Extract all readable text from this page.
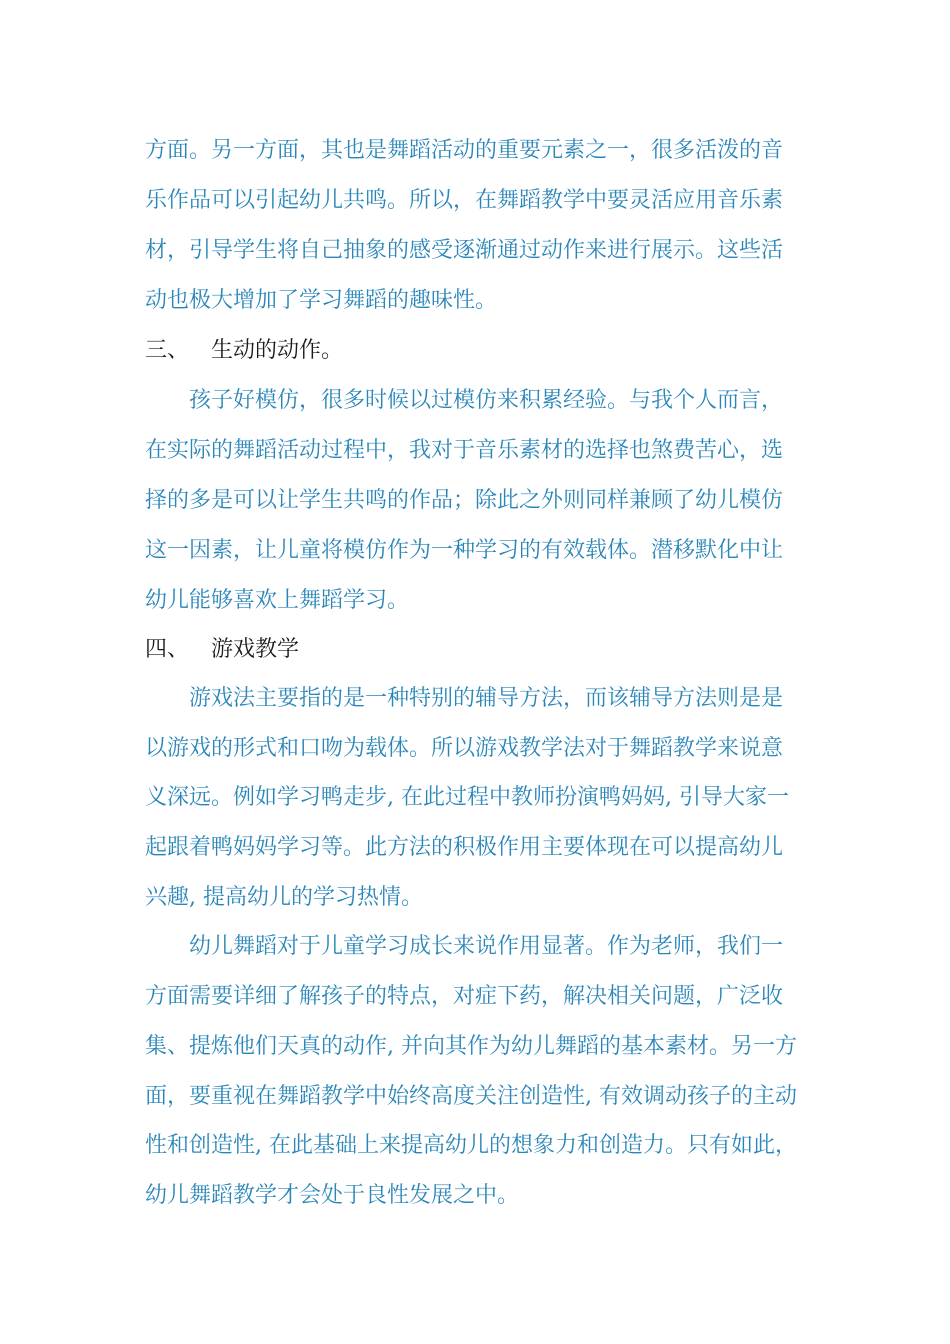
方面。另一方面，其也是舞蹈活动的重要元素之一，很多活泼的音
乐作品可以引起幼儿共鸣。所以，在舞蹈教学中要灵活应用音乐素
材，引导学生将自己抽象的感受逐渐通过动作来进行展示。这些活
动也极大增加了学习舞蹈的趣味性。
三、 生动的动作。
孩子好模仿，很多时候以过模仿来积累经验。与我个人而言，
在实际的舞蹈活动过程中，我对于音乐素材的选择也煞费苦心，选
择的多是可以让学生共鸣的作品；除此之外则同样兼顾了幼儿模仿
这一因素，让儿童将模仿作为一种学习的有效载体。潜移默化中让
幼儿能够喜欢上舞蹈学习。
四、 游戏教学
游戏法主要指的是一种特别的辅导方法，而该辅导方法则是是
以游戏的形式和口吻为载体。所以游戏教学法对于舞蹈教学来说意
义深远。例如学习鸭走步, 在此过程中教师扮演鸭妈妈, 引导大家一
起跟着鸭妈妈学习等。此方法的积极作用主要体现在可以提高幼儿
兴趣, 提高幼儿的学习热情。
幼儿舞蹈对于儿童学习成长来说作用显著。作为老师，我们一
方面需要详细了解孩子的特点，对症下药，解决相关问题，广泛收
集、提炼他们天真的动作, 并向其作为幼儿舞蹈的基本素材。另一方
面，要重视在舞蹈教学中始终高度关注创造性, 有效调动孩子的主动
性和创造性, 在此基础上来提高幼儿的想象力和创造力。只有如此，
幼儿舞蹈教学才会处于良性发展之中。
